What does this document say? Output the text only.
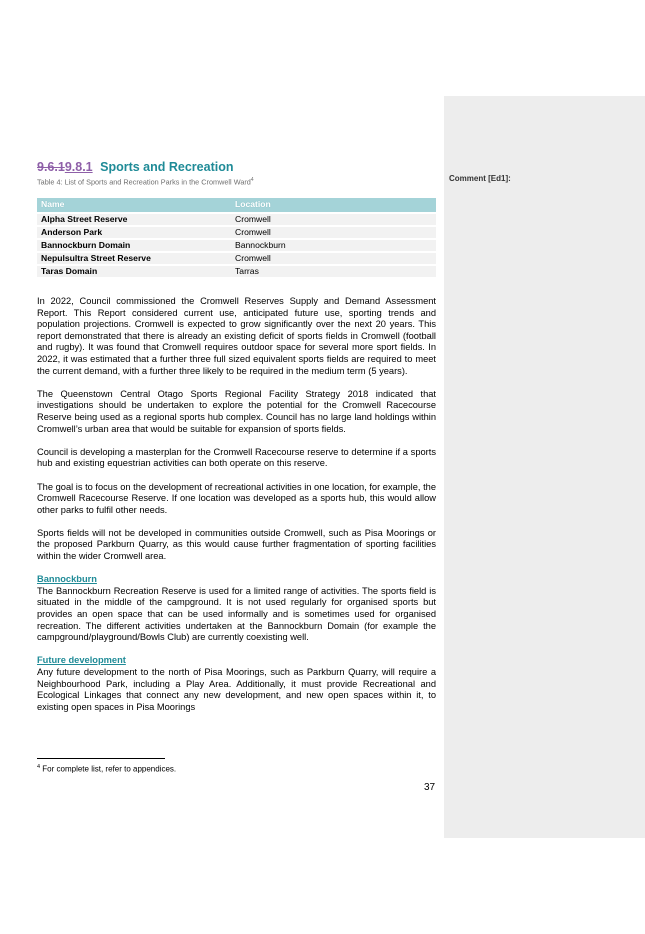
Comment [Ed1]:
9.6.19.8.1 Sports and Recreation
Table 4: List of Sports and Recreation Parks in the Cromwell Ward$^4$
Name	Location
Alpha Street Reserve	Cromwell
Anderson Park	Cromwell
Bannockburn Domain	Bannockburn
Nepulsultra Street Reserve	Cromwell
Taras Domain	Tarras

In 2022, Council commissioned the Cromwell Reserves Supply and Demand Assessment Report. This Report considered current use, anticipated future use, sporting trends and population projections. Cromwell is expected to grow significantly over the next 20 years. This report demonstrated that there is already an existing deficit of sports fields in Cromwell (football and rugby). It was found that Cromwell requires outdoor space for several more sport fields. In 2022, it was estimated that a further three full sized equivalent sports fields are required to meet the current demand, with a further three likely to be required in the medium term (5 years).

The Queenstown Central Otago Sports Regional Facility Strategy 2018 indicated that investigations should be undertaken to explore the potential for the Cromwell Racecourse Reserve being used as a regional sports hub complex. Council has no large land holdings within Cromwell’s urban area that would be suitable for expansion of sports fields.

Council is developing a masterplan for the Cromwell Racecourse reserve to determine if a sports hub and existing equestrian activities can both operate on this reserve.

The goal is to focus on the development of recreational activities in one location, for example, the Cromwell Racecourse Reserve. If one location was developed as a sports hub, this would allow other parks to fulfil other needs.

Sports fields will not be developed in communities outside Cromwell, such as Pisa Moorings or the proposed Parkburn Quarry, as this would cause further fragmentation of sporting facilities within the wider Cromwell area.

Bannockburn

The Bannockburn Recreation Reserve is used for a limited range of activities. The sports field is situated in the middle of the campground. It is not used regularly for organised sports but provides an open space that can be used informally and is sometimes used for organised recreation. The different activities undertaken at the Bannockburn Domain (for example the campground/playground/Bowls Club) are currently coexisting well.

Future development

Any future development to the north of Pisa Moorings, such as Parkburn Quarry, will require a Neighbourhood Park, including a Play Area. Additionally, it must provide Recreational and Ecological Linkages that connect any new development, and new open spaces within it, to existing open spaces in Pisa Moorings

$^4$ For complete list, refer to appendices.
37
